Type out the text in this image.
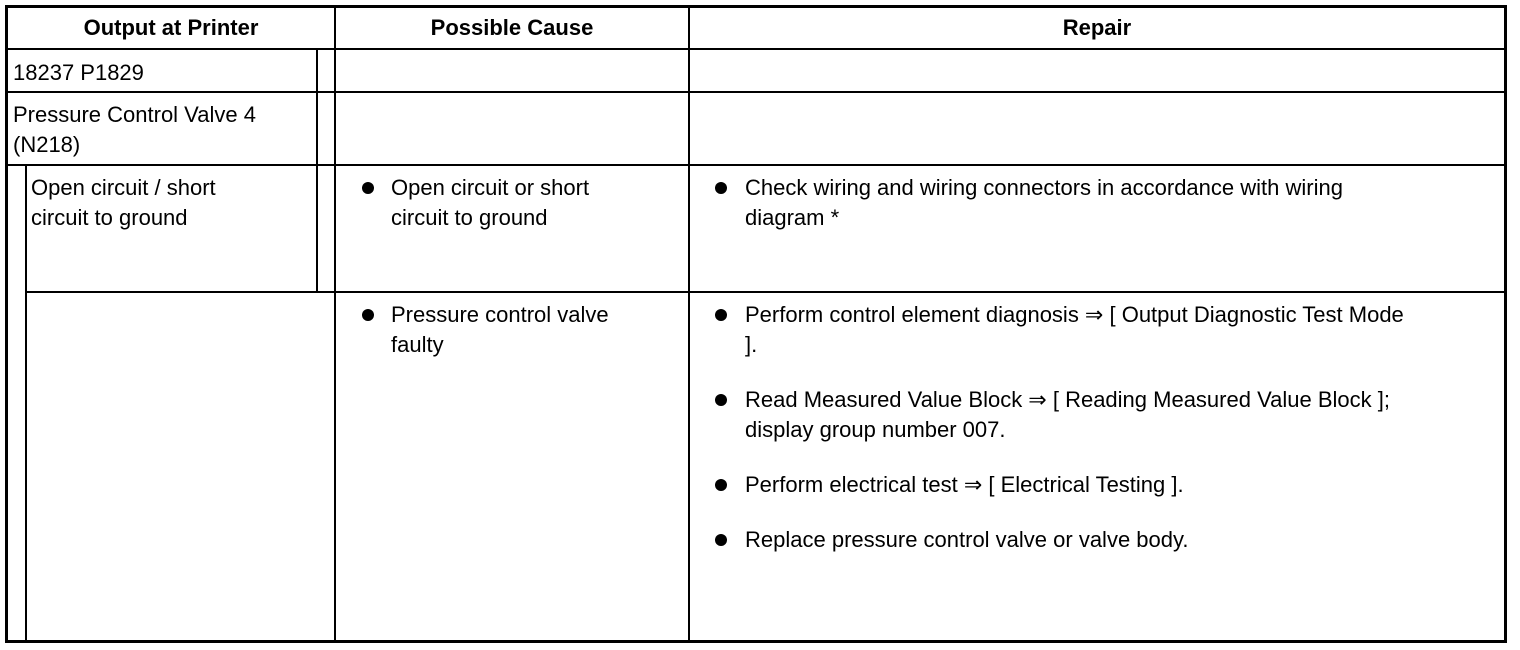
Output at Printer	Possible Cause	Repair
18237 P1829
Pressure Control Valve 4
(N218)
Open circuit / short
circuit to ground
Open circuit or short
circuit to ground
Pressure control valve
faulty
Check wiring and wiring connectors in accordance with wiring
diagram *
Perform control element diagnosis ⇒ [ Output Diagnostic Test Mode
].
Read Measured Value Block ⇒ [ Reading Measured Value Block ];
display group number 007.
Perform electrical test ⇒ [ Electrical Testing ].
Replace pressure control valve or valve body.
